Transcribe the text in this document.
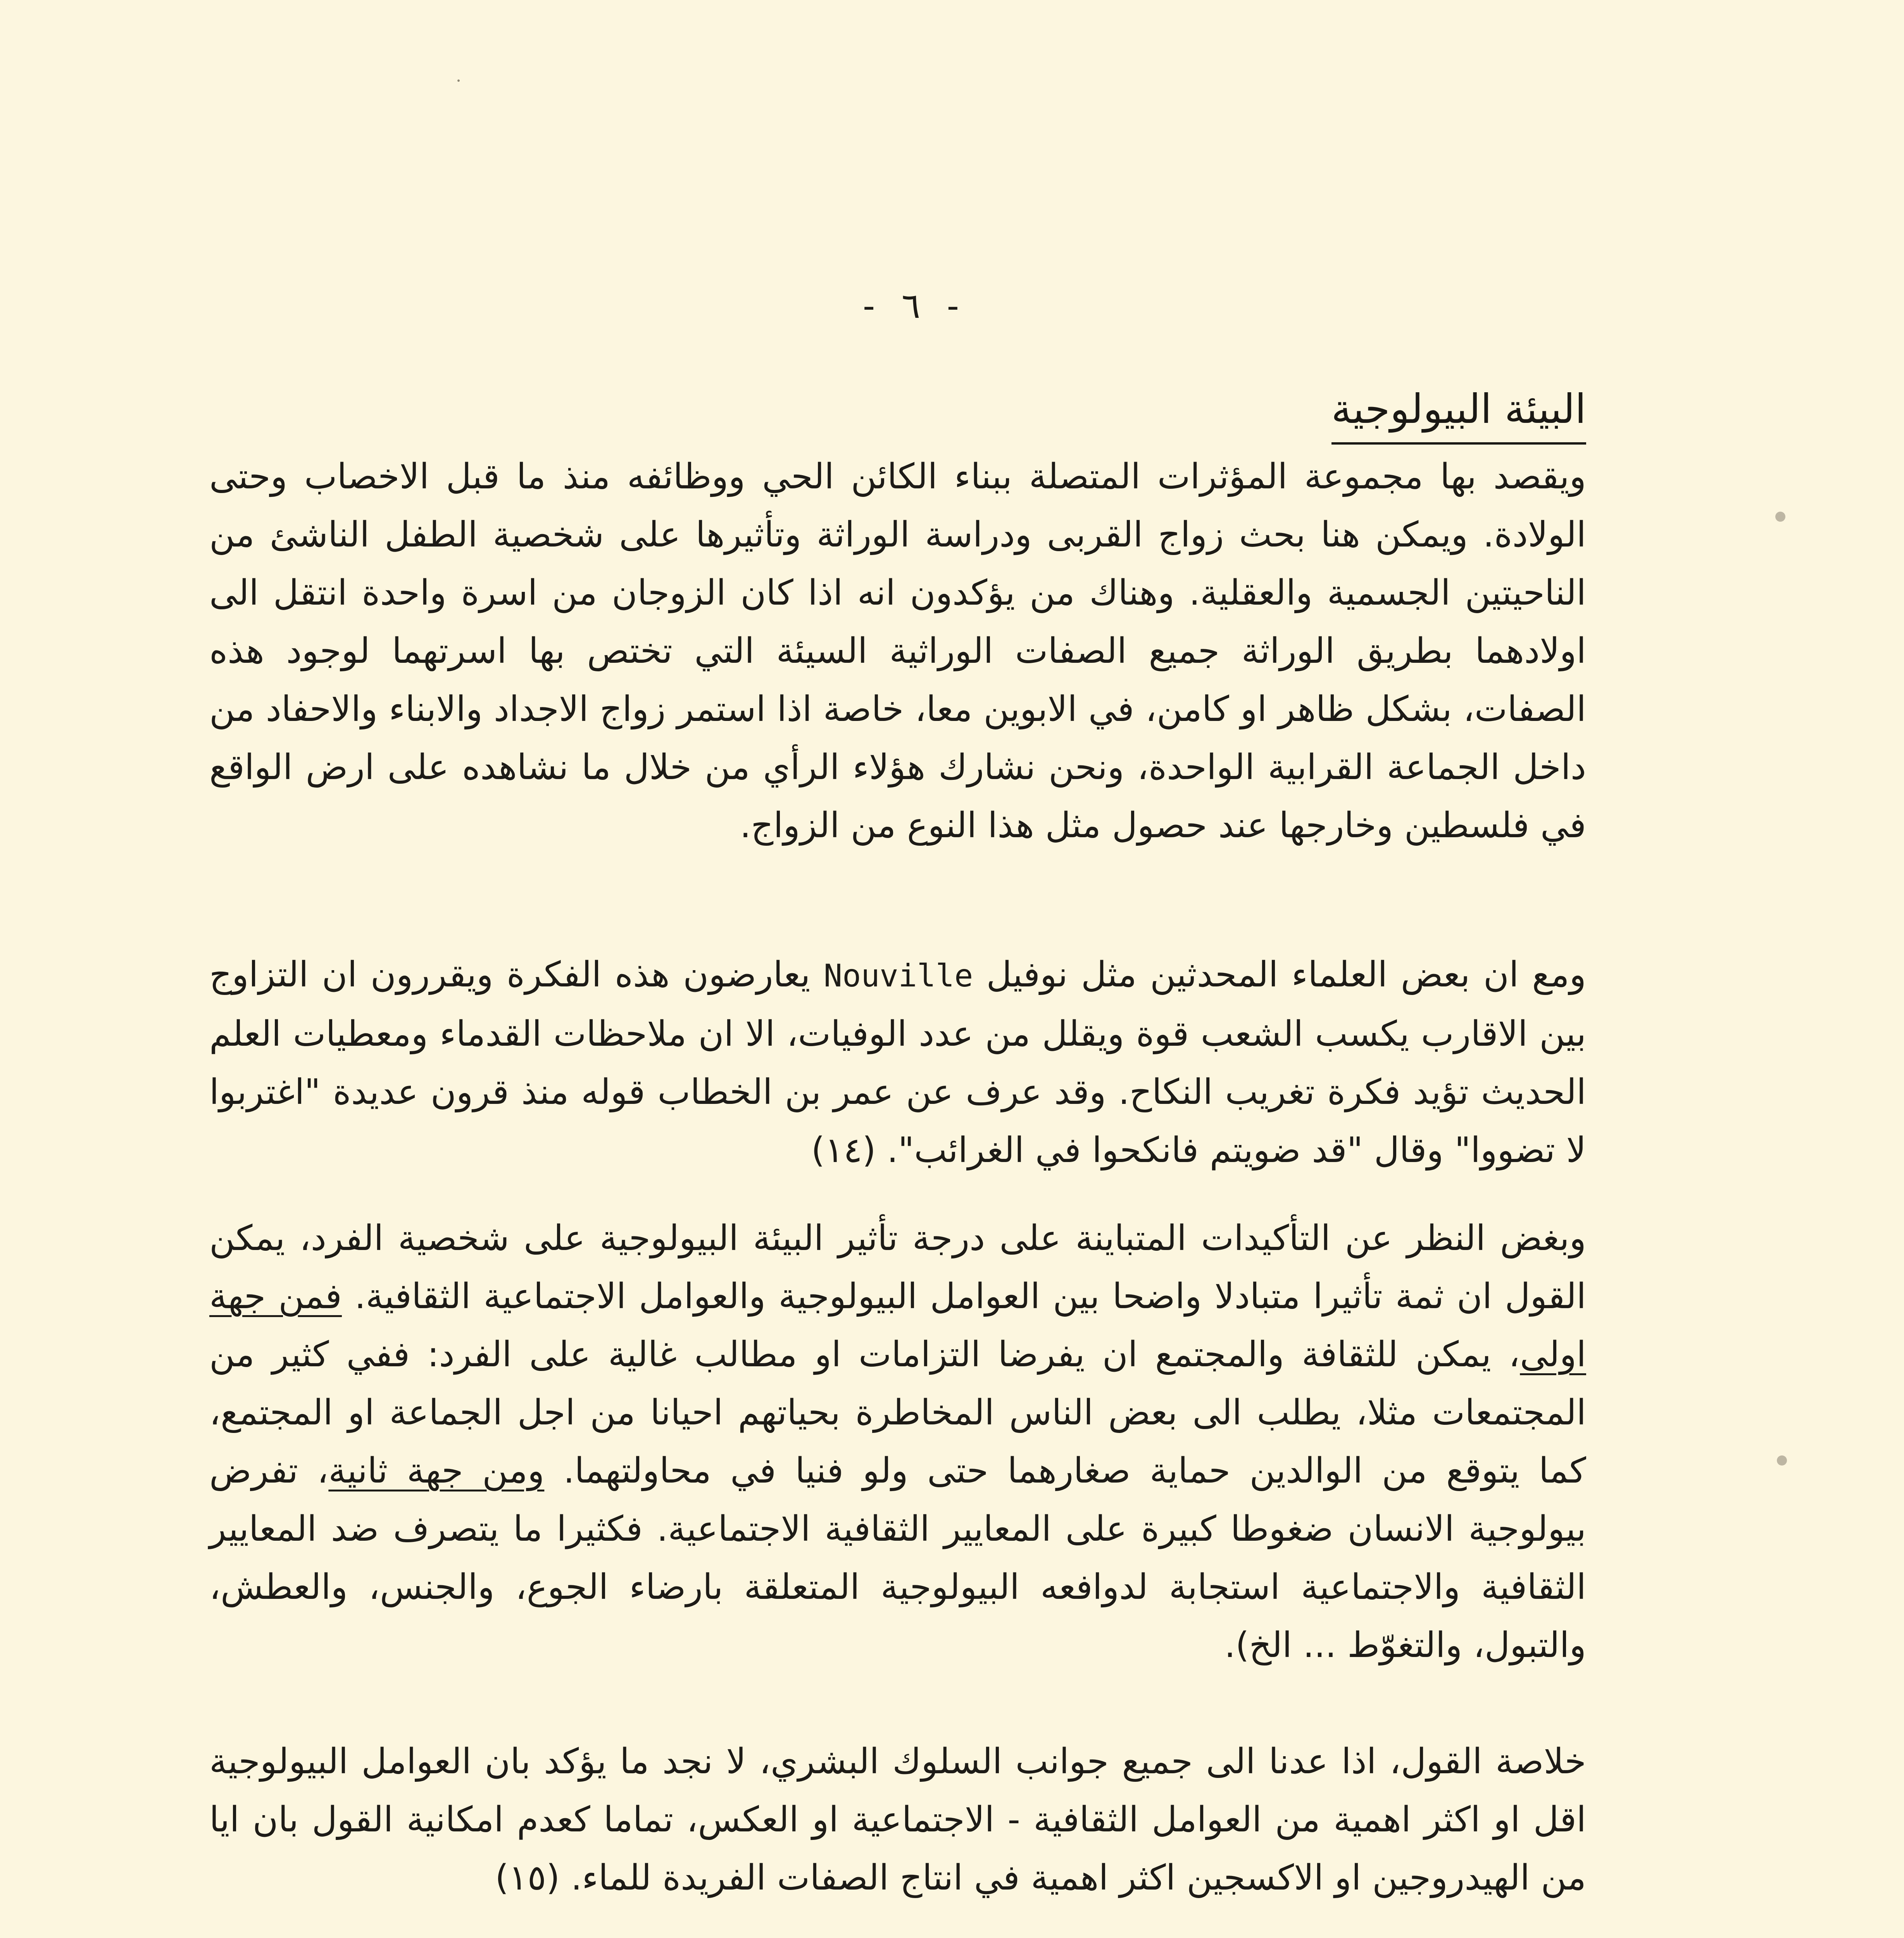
- ٦ -
البيئة البيولوجية

ويقصد بها مجموعة المؤثرات المتصلة ببناء الكائن الحي ووظائفه منذ ما قبل الاخصاب وحتى الولادة. ويمكن هنا بحث زواج القربى ودراسة الوراثة وتأثيرها على شخصية الطفل الناشئ من الناحيتين الجسمية والعقلية. وهناك من يؤكدون انه اذا كان الزوجان من اسرة واحدة انتقل الى اولادهما بطريق الوراثة جميع الصفات الوراثية السيئة التي تختص بها اسرتهما لوجود هذه الصفات، بشكل ظاهر او كامن، في الابوين معا، خاصة اذا استمر زواج الاجداد والابناء والاحفاد من داخل الجماعة القرابية الواحدة، ونحن نشارك هؤلاء الرأي من خلال ما نشاهده على ارض الواقع في فلسطين وخارجها عند حصول مثل هذا النوع من الزواج.

ومع ان بعض العلماء المحدثين مثل نوفيل Nouville يعارضون هذه الفكرة ويقررون ان التزاوج بين الاقارب يكسب الشعب قوة ويقلل من عدد الوفيات، الا ان ملاحظات القدماء ومعطيات العلم الحديث تؤيد فكرة تغريب النكاح. وقد عرف عن عمر بن الخطاب قوله منذ قرون عديدة "اغتربوا لا تضووا" وقال "قد ضويتم فانكحوا في الغرائب". (١٤)

وبغض النظر عن التأكيدات المتباينة على درجة تأثير البيئة البيولوجية على شخصية الفرد، يمكن القول ان ثمة تأثيرا متبادلا واضحا بين العوامل البيولوجية والعوامل الاجتماعية الثقافية. فمن جهة اولى، يمكن للثقافة والمجتمع ان يفرضا التزامات او مطالب غالية على الفرد: ففي كثير من المجتمعات مثلا، يطلب الى بعض الناس المخاطرة بحياتهم احيانا من اجل الجماعة او المجتمع، كما يتوقع من الوالدين حماية صغارهما حتى ولو فنيا في محاولتهما. ومن جهة ثانية، تفرض بيولوجية الانسان ضغوطا كبيرة على المعايير الثقافية الاجتماعية. فكثيرا ما يتصرف ضد المعايير الثقافية والاجتماعية استجابة لدوافعه البيولوجية المتعلقة بارضاء الجوع، والجنس، والعطش، والتبول، والتغوّط ... الخ).

خلاصة القول، اذا عدنا الى جميع جوانب السلوك البشري، لا نجد ما يؤكد بان العوامل البيولوجية اقل او اكثر اهمية من العوامل الثقافية - الاجتماعية او العكس، تماما كعدم امكانية القول بان ايا من الهيدروجين او الاكسجين اكثر اهمية في انتاج الصفات الفريدة للماء. (١٥)
